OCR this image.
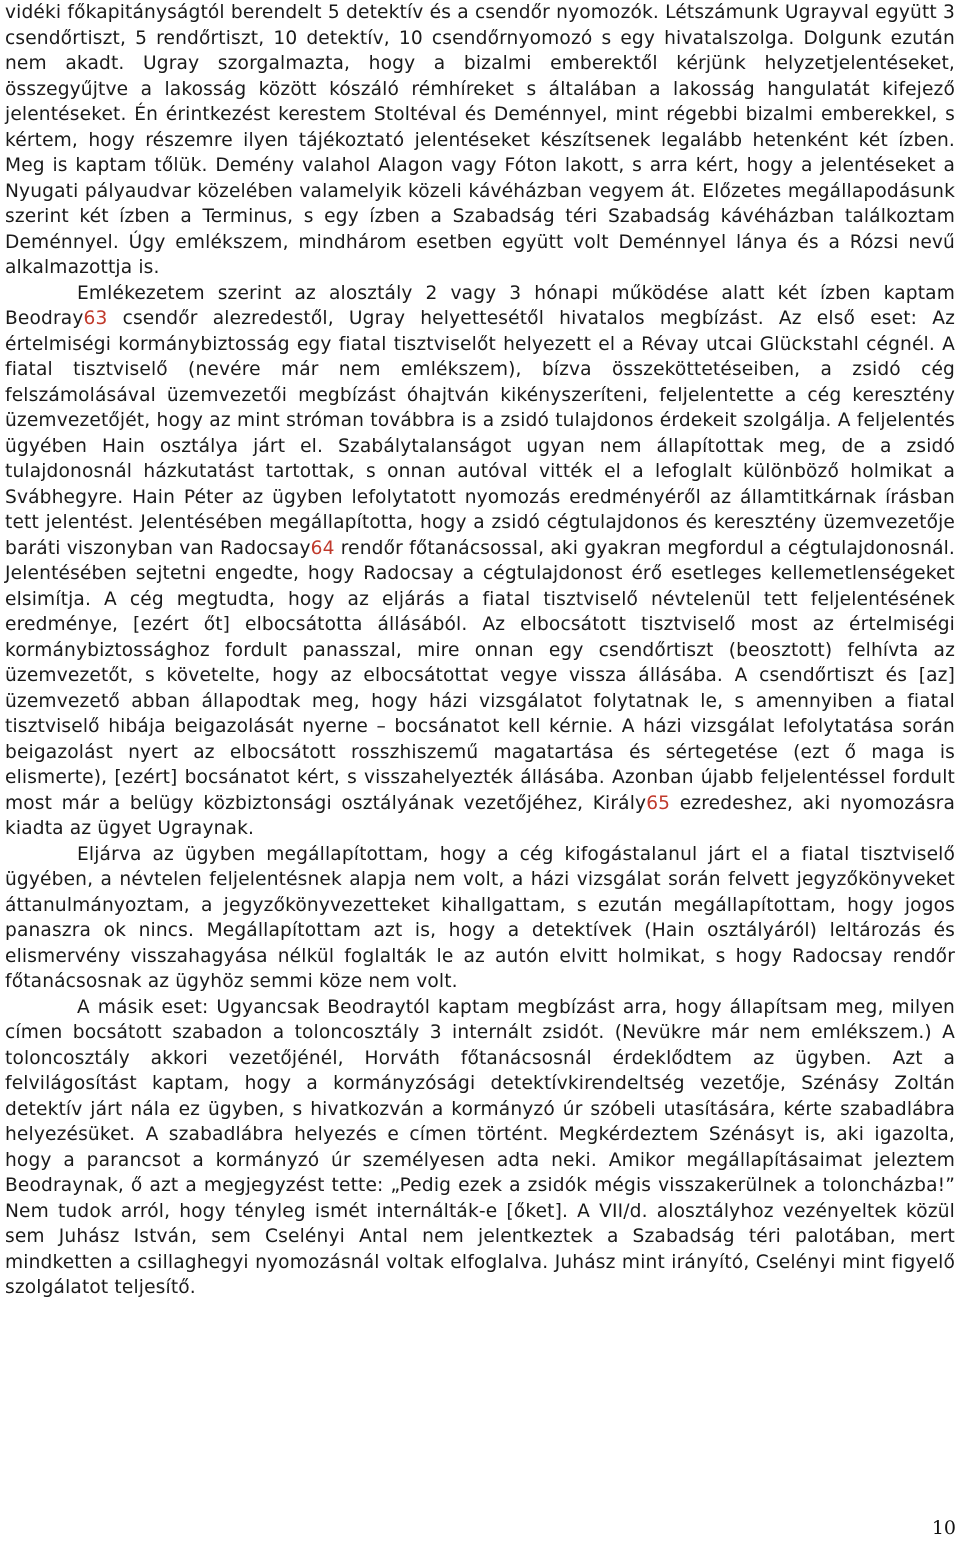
vidéki főkapitányságtól berendelt 5 detektív és a csendőr nyomozók. Létszámunk Ugrayval együtt 3 csendőrtiszt, 5 rendőrtiszt, 10 detektív, 10 csendőrnyomozó s egy hivatalszolga. Dolgunk ezután nem akadt. Ugray szorgalmazta, hogy a bizalmi emberektől kérjünk helyzetjelentéseket, összegyűjtve a lakosság között kószáló rémhíreket s általában a lakosság hangulatát kifejező jelentéseket. Én érintkezést kerestem Stoltéval és Deménnyel, mint régebbi bizalmi emberekkel, s kértem, hogy részemre ilyen tájékoztató jelentéseket készítsenek legalább hetenként két ízben. Meg is kaptam tőlük. Demény valahol Alagon vagy Fóton lakott, s arra kért, hogy a jelentéseket a Nyugati pályaudvar közelében valamelyik közeli kávéházban vegyem át. Előzetes megállapodásunk szerint két ízben a Terminus, s egy ízben a Szabadság téri Szabadság kávéházban találkoztam Deménnyel. Úgy emlékszem, mindhárom esetben együtt volt Deménnyel lánya és a Rózsi nevű alkalmazottja is.

Emlékezetem szerint az alosztály 2 vagy 3 hónapi működése alatt két ízben kaptam Beodray63 csendőr alezredestől, Ugray helyettesétől hivatalos megbízást. Az első eset: Az értelmiségi kormánybiztosság egy fiatal tisztviselőt helyezett el a Révay utcai Glückstahl cégnél. A fiatal tisztviselő (nevére már nem emlékszem), bízva összeköttetéseiben, a zsidó cég felszámolásával üzemvezetői megbízást óhajtván kikényszeríteni, feljelentette a cég keresztény üzemvezetőjét, hogy az mint stróman továbbra is a zsidó tulajdonos érdekeit szolgálja. A feljelentés ügyében Hain osztálya járt el. Szabálytalanságot ugyan nem állapítottak meg, de a zsidó tulajdonosnál házkutatást tartottak, s onnan autóval vitték el a lefoglalt különböző holmikat a Svábhegyre. Hain Péter az ügyben lefolytatott nyomozás eredményéről az államtitkárnak írásban tett jelentést. Jelentésében megállapította, hogy a zsidó cégtulajdonos és keresztény üzemvezetője baráti viszonyban van Radocsay64 rendőr főtanácsossal, aki gyakran megfordul a cégtulajdonosnál. Jelentésében sejtetni engedte, hogy Radocsay a cégtulajdonost érő esetleges kellemetlenségeket elsimítja. A cég megtudta, hogy az eljárás a fiatal tisztviselő névtelenül tett feljelentésének eredménye, [ezért őt] elbocsátotta állásából. Az elbocsátott tisztviselő most az értelmiségi kormánybiztossághoz fordult panasszal, mire onnan egy csendőrtiszt (beosztott) felhívta az üzemvezetőt, s követelte, hogy az elbocsátottat vegye vissza állásába. A csendőrtiszt és [az] üzemvezető abban állapodtak meg, hogy házi vizsgálatot folytatnak le, s amennyiben a fiatal tisztviselő hibája beigazolását nyerne – bocsánatot kell kérnie. A házi vizsgálat lefolytatása során beigazolást nyert az elbocsátott rosszhiszemű magatartása és sértegetése (ezt ő maga is elismerte), [ezért] bocsánatot kért, s visszahelyezték állásába. Azonban újabb feljelentéssel fordult most már a belügy közbiztonsági osztályának vezetőjéhez, Király65 ezredeshez, aki nyomozásra kiadta az ügyet Ugraynak.

Eljárva az ügyben megállapítottam, hogy a cég kifogástalanul járt el a fiatal tisztviselő ügyében, a névtelen feljelentésnek alapja nem volt, a házi vizsgálat során felvett jegyzőkönyveket áttanulmányoztam, a jegyzőkönyvezetteket kihallgattam, s ezután megállapítottam, hogy jogos panaszra ok nincs. Megállapítottam azt is, hogy a detektívek (Hain osztályáról) leltározás és elismervény visszahagyása nélkül foglalták le az autón elvitt holmikat, s hogy Radocsay rendőr főtanácsosnak az ügyhöz semmi köze nem volt.

A másik eset: Ugyancsak Beodraytól kaptam megbízást arra, hogy állapítsam meg, milyen címen bocsátott szabadon a toloncosztály 3 internált zsidót. (Nevükre már nem emlékszem.) A toloncosztály akkori vezetőjénél, Horváth főtanácsosnál érdeklődtem az ügyben. Azt a felvilágosítást kaptam, hogy a kormányzósági detektívkirendeltség vezetője, Szénásy Zoltán detektív járt nála ez ügyben, s hivatkozván a kormányzó úr szóbeli utasítására, kérte szabadlábra helyezésüket. A szabadlábra helyezés e címen történt. Megkérdeztem Szénásyt is, aki igazolta, hogy a parancsot a kormányzó úr személyesen adta neki. Amikor megállapításaimat jeleztem Beodraynak, ő azt a megjegyzést tette: „Pedig ezek a zsidók mégis visszakerülnek a toloncházba!” Nem tudok arról, hogy tényleg ismét internálták-e [őket]. A VII/d. alosztályhoz vezényeltek közül sem Juhász István, sem Cselényi Antal nem jelentkeztek a Szabadság téri palotában, mert mindketten a csillaghegyi nyomozásnál voltak elfoglalva. Juhász mint irányító, Cselényi mint figyelő szolgálatot teljesítő.

10
